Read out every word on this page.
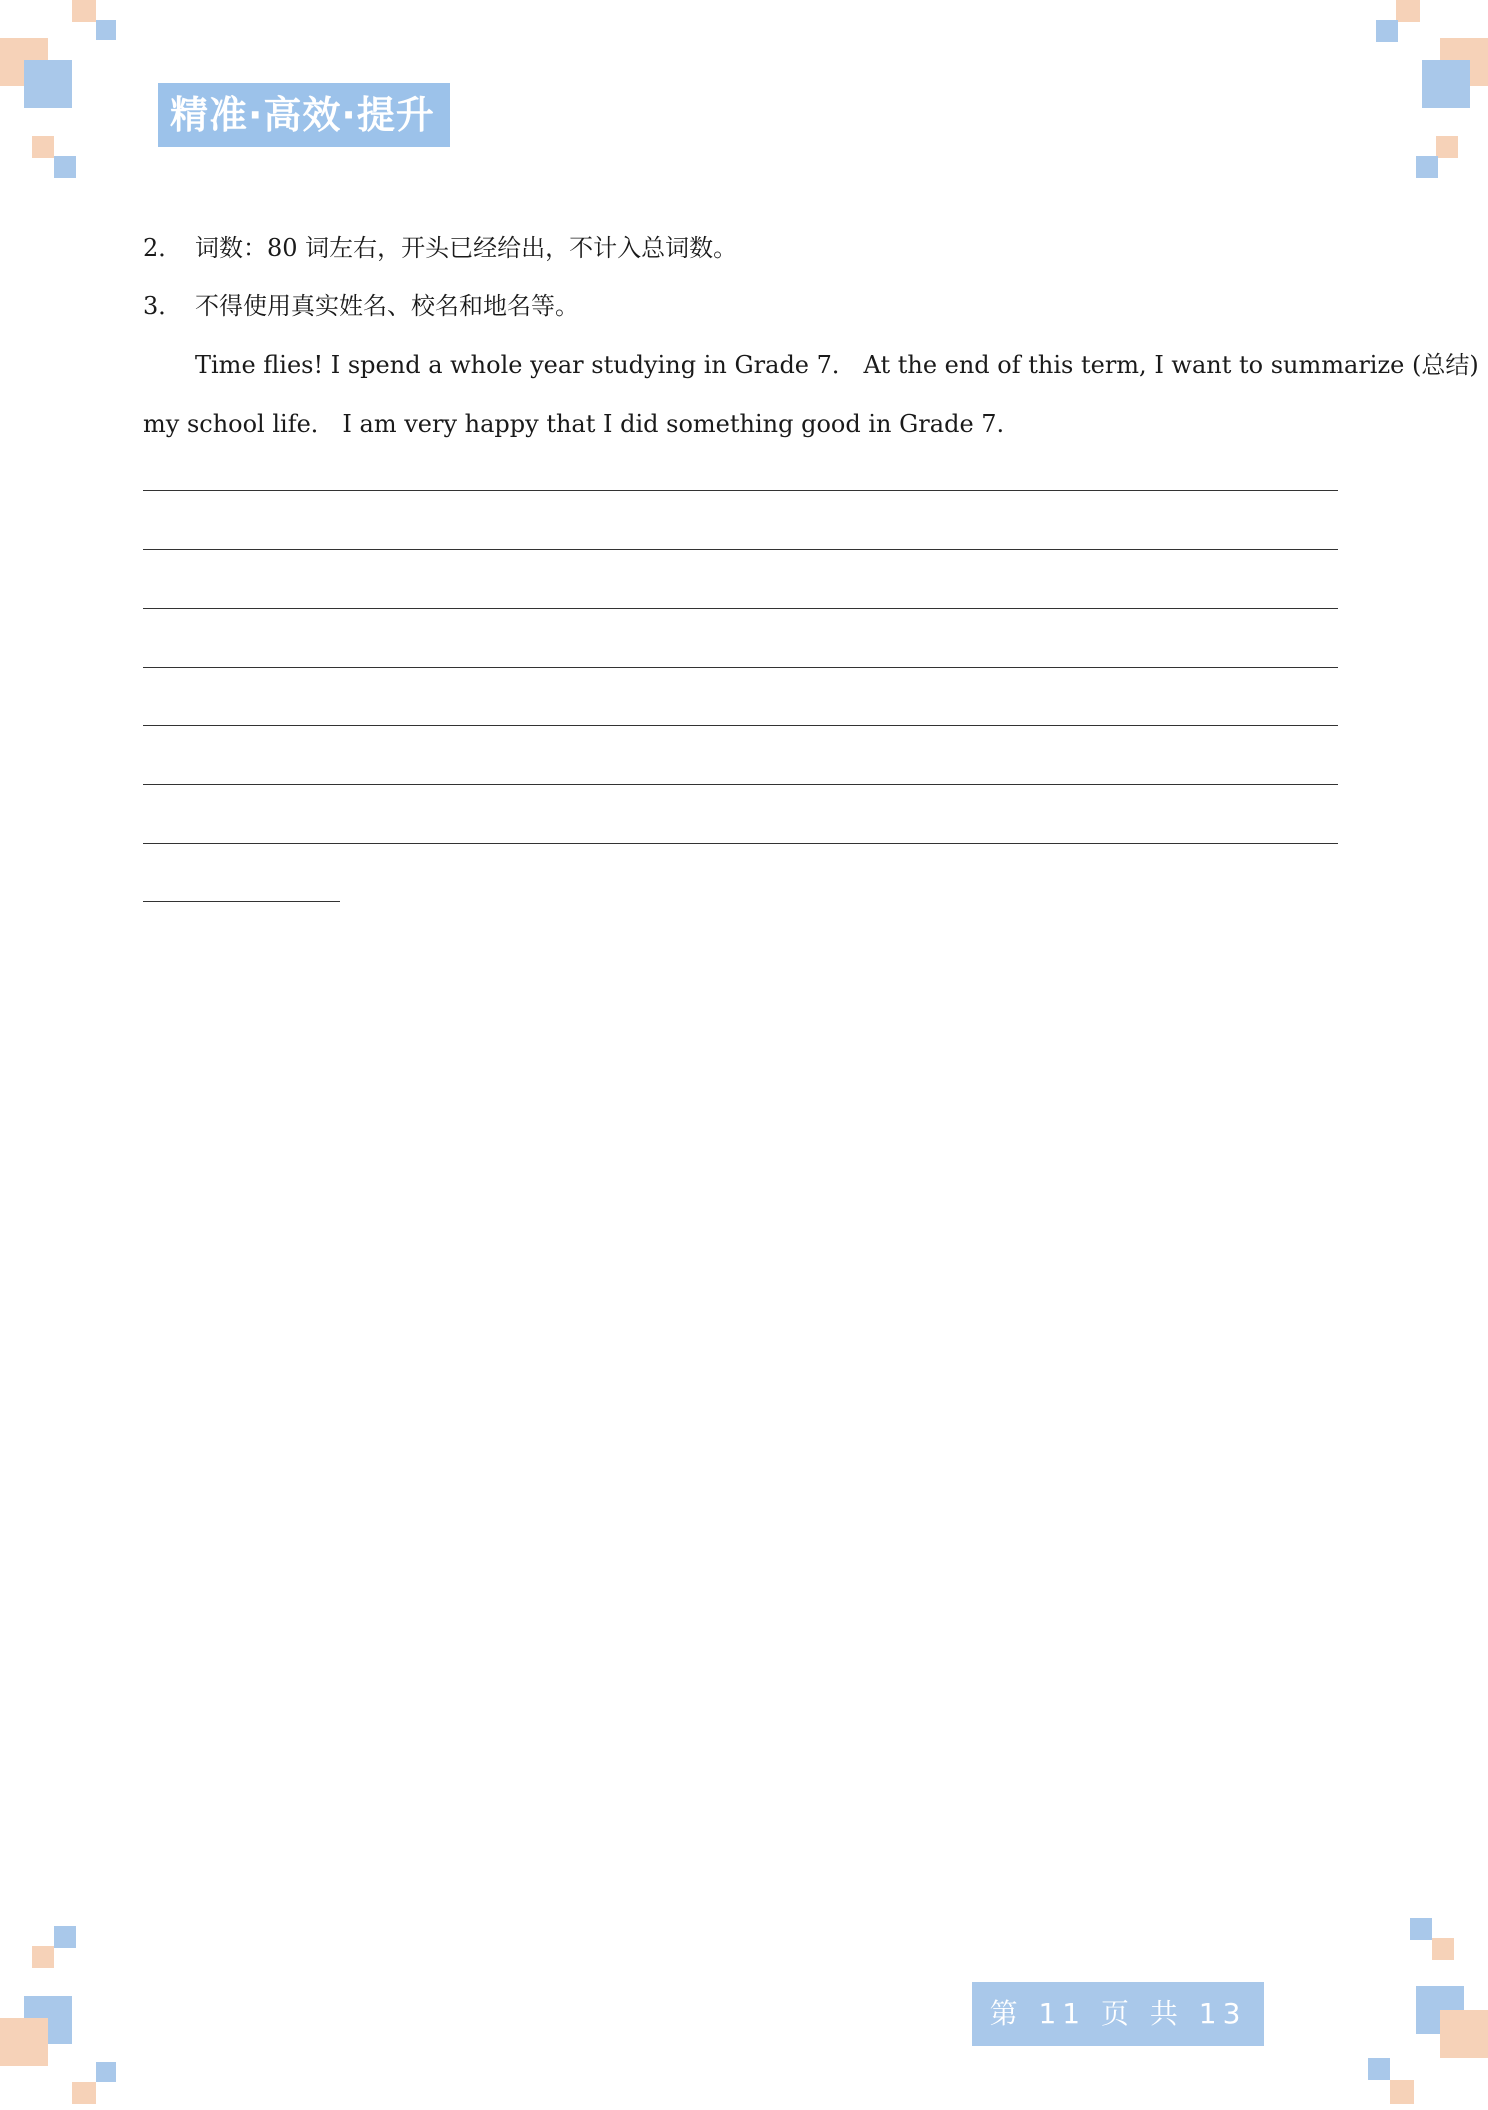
精准·高效·提升
2． 词数：80 词左右，开头已经给出，不计入总词数。
3． 不得使用真实姓名、校名和地名等。
Time flies! I spend a whole year studying in Grade 7． At the end of this term, I want to summarize (总结)
my school life． I am very happy that I did something good in Grade 7.
第 11 页 共 13 页
